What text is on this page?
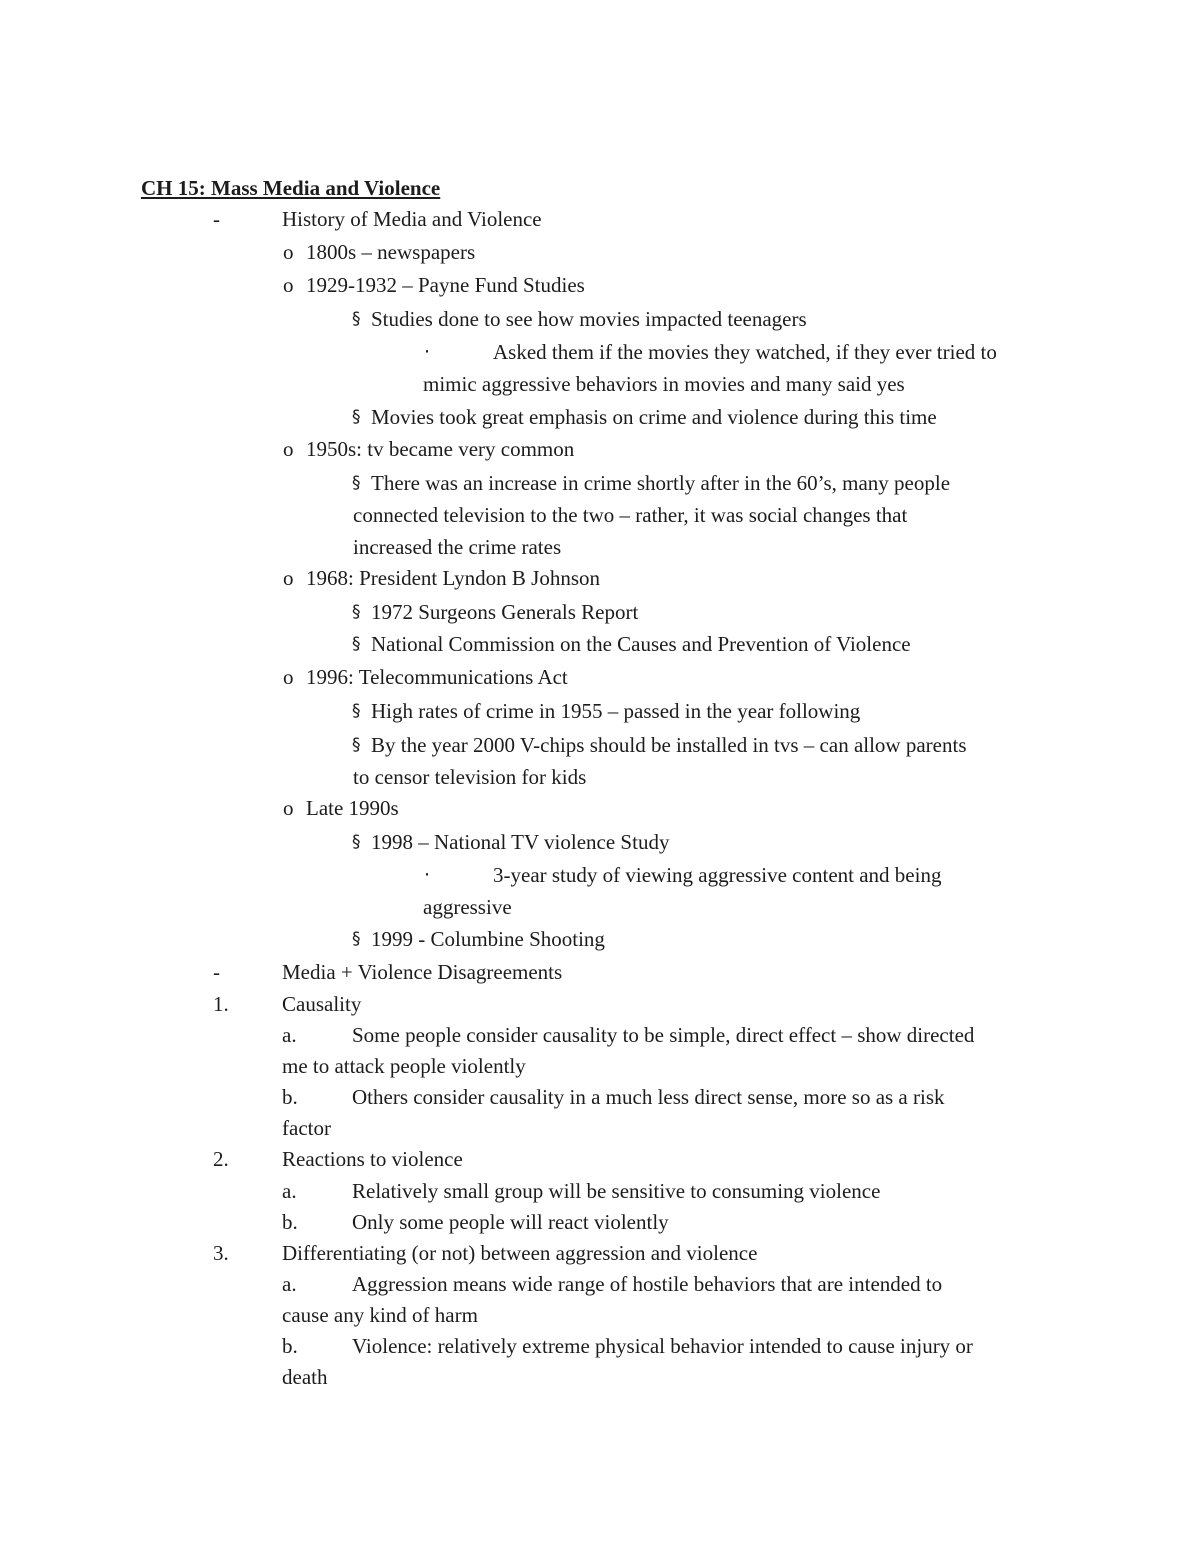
CH 15: Mass Media and Violence
-	History of Media and Violence
o 1800s – newspapers
o 1929-1932 – Payne Fund Studies
§ Studies done to see how movies impacted teenagers
·	Asked them if the movies they watched, if they ever tried to
mimic aggressive behaviors in movies and many said yes
§ Movies took great emphasis on crime and violence during this time
o 1950s: tv became very common
§ There was an increase in crime shortly after in the 60’s, many people
connected television to the two – rather, it was social changes that
increased the crime rates
o 1968: President Lyndon B Johnson
§ 1972 Surgeons Generals Report
§ National Commission on the Causes and Prevention of Violence
o 1996: Telecommunications Act
§ High rates of crime in 1955 – passed in the year following
§ By the year 2000 V-chips should be installed in tvs – can allow parents
to censor television for kids
o Late 1990s
§ 1998 – National TV violence Study
·	3-year study of viewing aggressive content and being
aggressive
§ 1999 - Columbine Shooting
-	Media + Violence Disagreements
1.	Causality
a.	Some people consider causality to be simple, direct effect – show directed
me to attack people violently
b.	Others consider causality in a much less direct sense, more so as a risk
factor
2.	Reactions to violence
a.	Relatively small group will be sensitive to consuming violence
b.	Only some people will react violently
3.	Differentiating (or not) between aggression and violence
a.	Aggression means wide range of hostile behaviors that are intended to
cause any kind of harm
b.	Violence: relatively extreme physical behavior intended to cause injury or
death
